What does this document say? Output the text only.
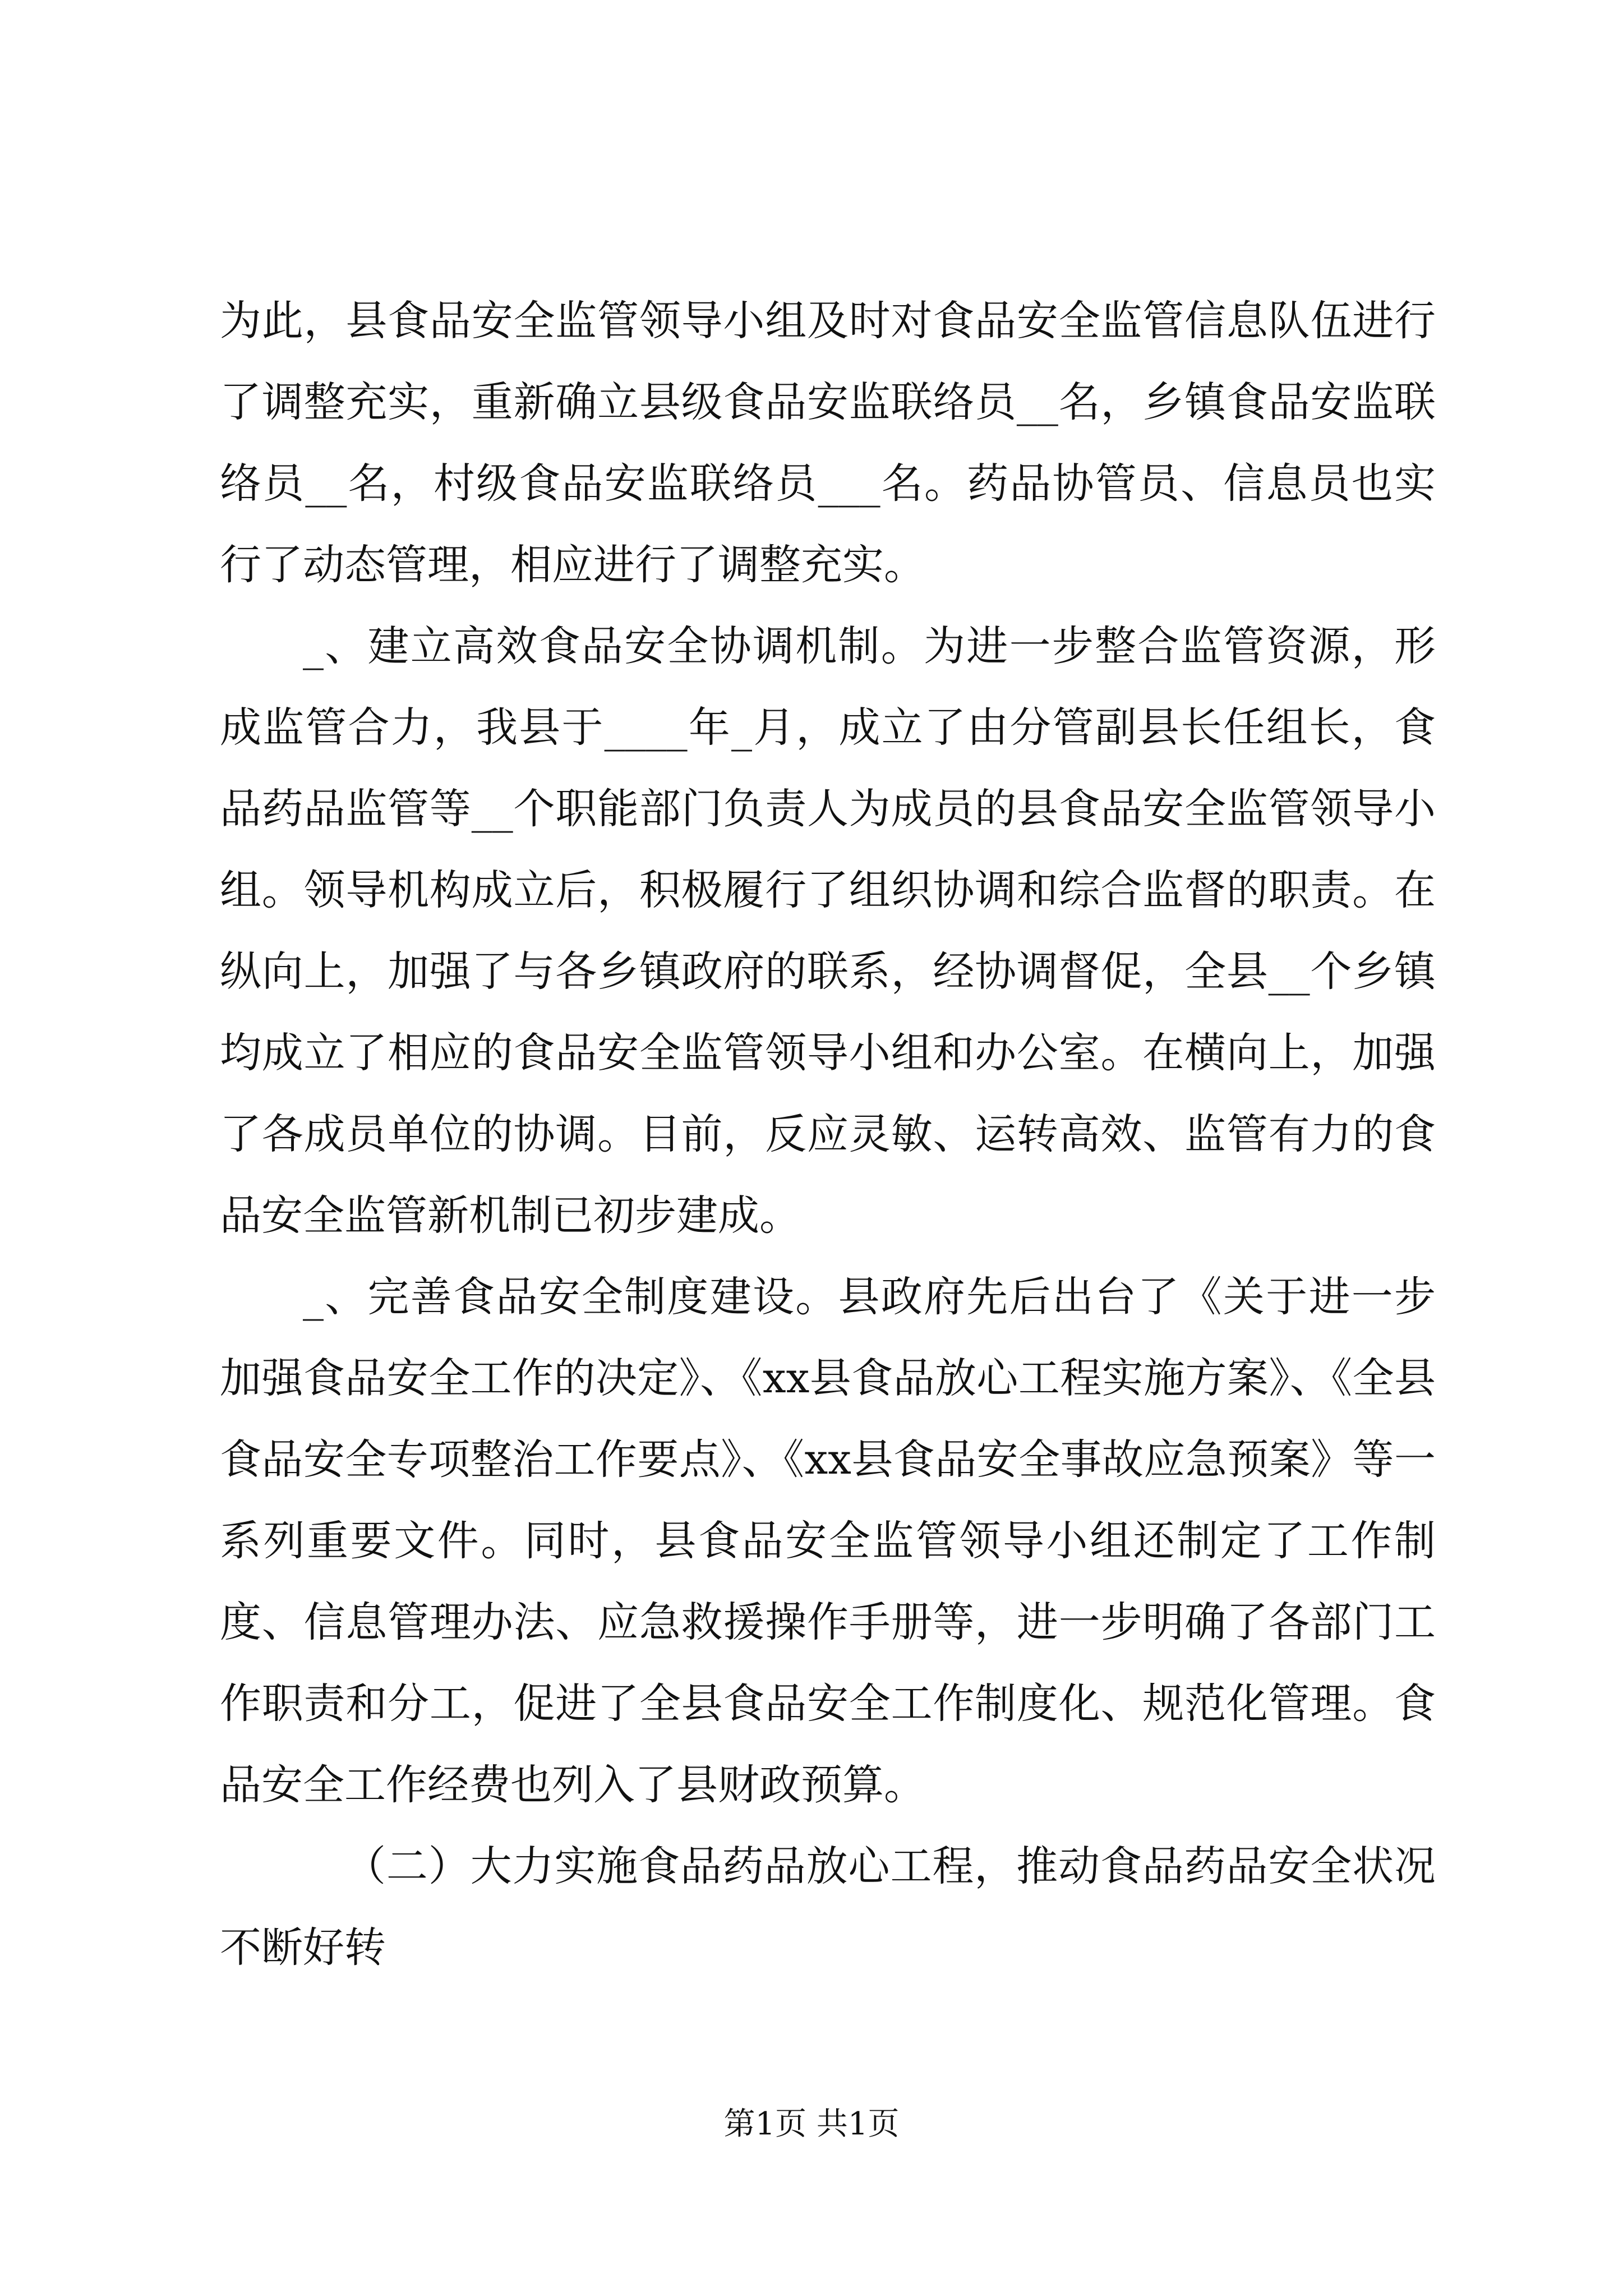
为此，县食品安全监管领导小组及时对食品安全监管信息队伍进行了调整充实，重新确立县级食品安监联络员__名，乡镇食品安监联络员__名，村级食品安监联络员___名。药品协管员、信息员也实行了动态管理，相应进行了调整充实。

_、建立高效食品安全协调机制。为进一步整合监管资源，形成监管合力，我县于____年_月，成立了由分管副县长任组长，食品药品监管等__个职能部门负责人为成员的县食品安全监管领导小组。领导机构成立后，积极履行了组织协调和综合监督的职责。在纵向上，加强了与各乡镇政府的联系，经协调督促，全县__个乡镇均成立了相应的食品安全监管领导小组和办公室。在横向上，加强了各成员单位的协调。目前，反应灵敏、运转高效、监管有力的食品安全监管新机制已初步建成。

_、完善食品安全制度建设。县政府先后出台了《关于进一步加强食品安全工作的决定》、《xx县食品放心工程实施方案》、《全县食品安全专项整治工作要点》、《xx县食品安全事故应急预案》等一系列重要文件。同时，县食品安全监管领导小组还制定了工作制度、信息管理办法、应急救援操作手册等，进一步明确了各部门工作职责和分工，促进了全县食品安全工作制度化、规范化管理。食品安全工作经费也列入了县财政预算。

（二）大力实施食品药品放心工程，推动食品药品安全状况不断好转

第1页 共1页
